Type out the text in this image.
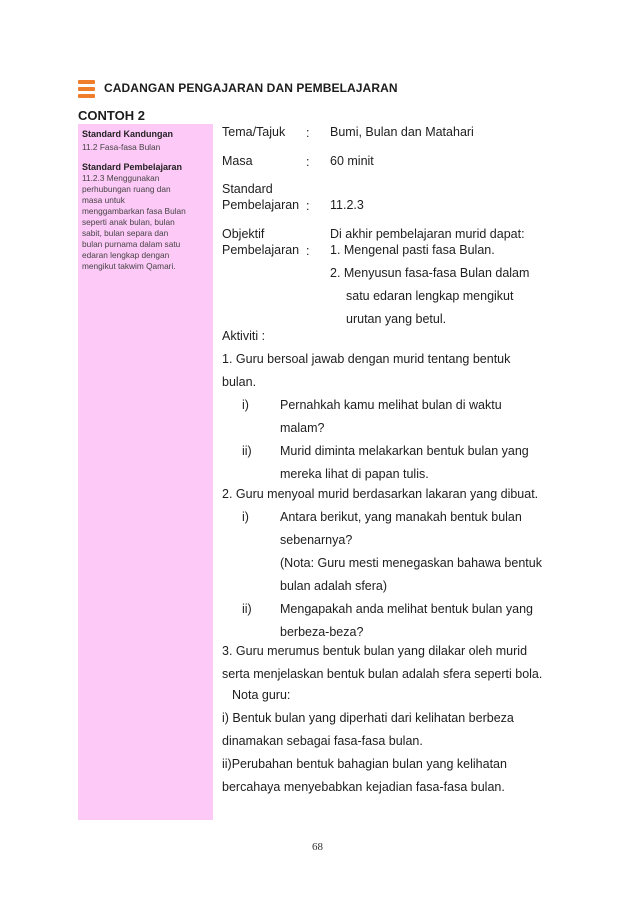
CADANGAN PENGAJARAN DAN PEMBELAJARAN
CONTOH 2
Standard Kandungan
11.2 Fasa-fasa Bulan
Standard Pembelajaran
11.2.3 Menggunakan
perhubungan ruang dan
masa untuk
menggambarkan fasa Bulan
seperti anak bulan, bulan
sabit, bulan separa dan
bulan purnama dalam satu
edaran lengkap dengan
mengikut takwim Qamari.
Tema/Tajuk : Bumi, Bulan dan Matahari
Masa	: 60 minit
Standard
Pembelajaran : 11.2.3
Objektif
Pembelajaran :
Di akhir pembelajaran murid dapat:
1. Mengenal pasti fasa Bulan.
2. Menyusun fasa-fasa Bulan dalam
satu edaran lengkap mengikut
urutan yang betul.
Aktiviti :
1. Guru bersoal jawab dengan murid tentang bentuk
bulan.
i) Pernahkah kamu melihat bulan di waktu
malam?
ii) Murid diminta melakarkan bentuk bulan yang
mereka lihat di papan tulis.
2. Guru menyoal murid berdasarkan lakaran yang dibuat.
i) Antara berikut, yang manakah bentuk bulan
sebenarnya?
(Nota: Guru mesti menegaskan bahawa bentuk
bulan adalah sfera)
ii) Mengapakah anda melihat bentuk bulan yang
berbeza-beza?
3. Guru merumus bentuk bulan yang dilakar oleh murid
serta menjelaskan bentuk bulan adalah sfera seperti bola.
Nota guru:
i) Bentuk bulan yang diperhati dari kelihatan berbeza
dinamakan sebagai fasa-fasa bulan.
ii)Perubahan bentuk bahagian bulan yang kelihatan
bercahaya menyebabkan kejadian fasa-fasa bulan.
68
